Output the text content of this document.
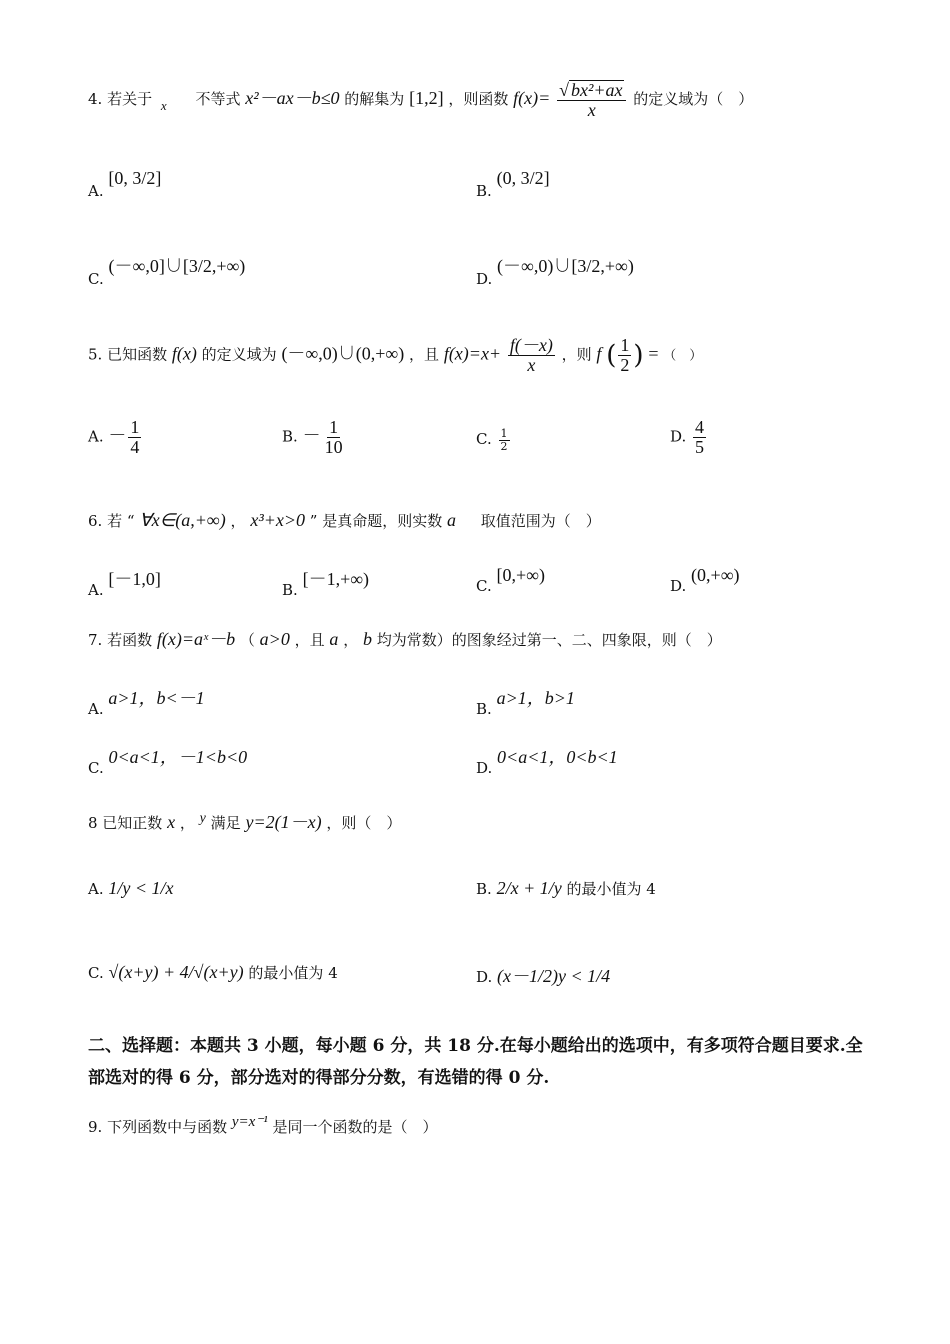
4. 若关于 x 不等式 x²－ax－b≤0 的解集为 [1,2] ，则函数 $f(x)= \frac{\text{√ bx²+ax}}{x}$ 的定义域为（　）
A. [0, 3/2]
B. (0, 3/2]
C. (－∞,0]∪[3/2,+∞)
D. (－∞,0)∪[3/2,+∞)
5. 已知函数 f(x) 的定义域为 (－∞,0)∪(0,+∞) ，且 $f(x)=x+ \frac{f(-x)}{x}$ ，则 f ( $\frac{1}{2}$ ) = （　）
A. － $\frac{1}{4}$	B. － $\frac{1}{10}$	C. $\frac{1}{2}$	D. $\frac{4}{5}$
6. 若 “ ∀x∈(a,+∞) ， x³+x>0 ” 是真命题，则实数 a 取值范围为（　）
A. [－1,0]
B. [－1,+∞)	C. [0,+∞)
D. (0,+∞)
7. 若函数 f(x)=aˣ－b （ a>0 ，且 a ， b 均为常数）的图象经过第一、二、四象限，则（　）
A. a>1，b<－1
B. a>1，b>1
C. 0<a<1，－1<b<0
D. 0<a<1，0<b<1
8 已知正数 x ， y 满足 y=2(1－x) ，则（　）
A. 1/y < 1/x	B. 2/x + 1/y 的最小值为 4
C. √(x+y) + 4/√(x+y) 的最小值为 4	D. (x－1/2)y < 1/4
二、选择题：本题共 3 小题，每小题 6 分，共 18 分.在每小题给出的选项中，有多项符合题目要求.全部选对的得 6 分，部分选对的得部分分数，有选错的得 0 分.
9. 下列函数中与函数 y=x⁻¹ 是同一个函数的是（　）
